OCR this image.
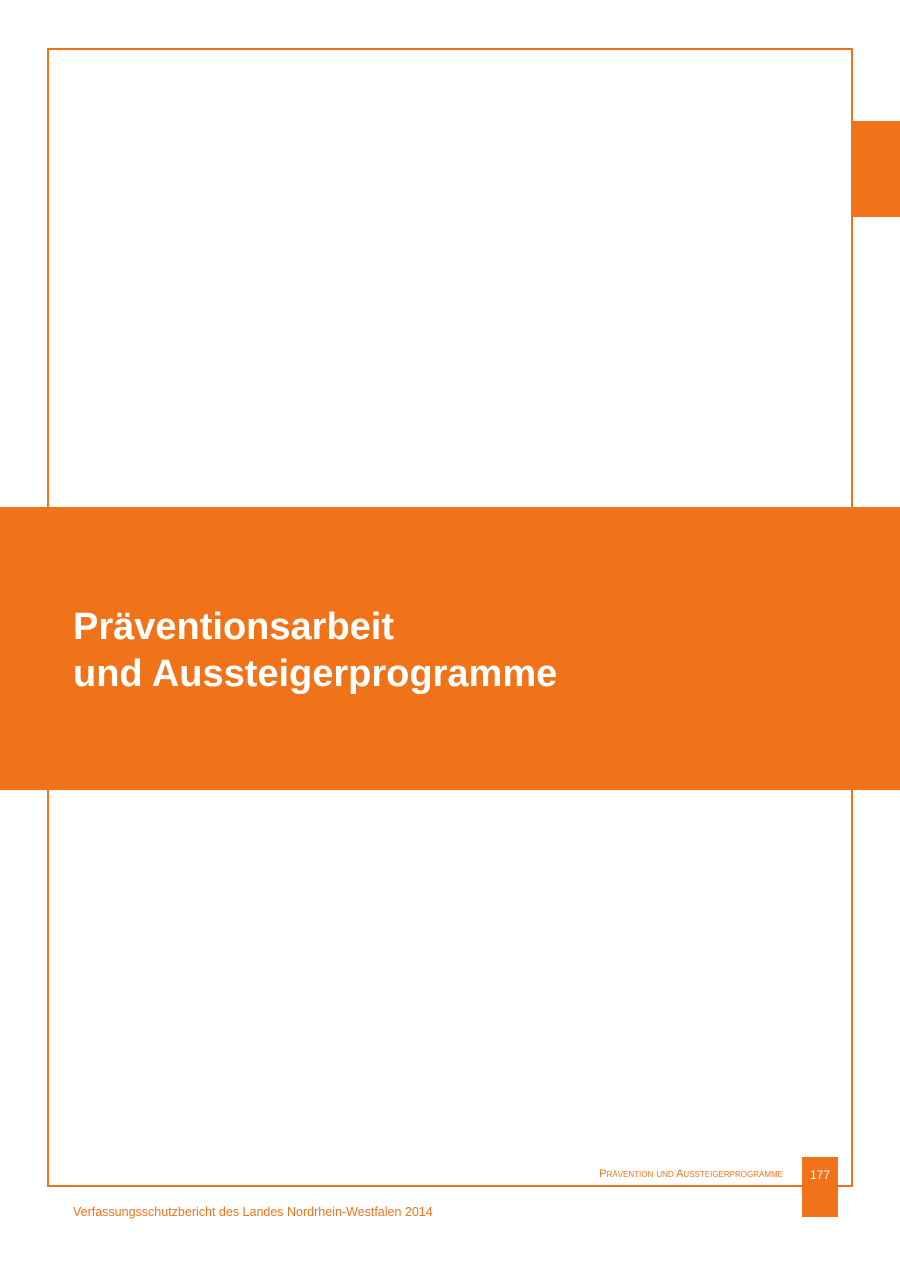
Präventionsarbeit
und Aussteigerprogramme
Prävention und Aussteigerprogramme	177
Verfassungsschutzbericht des Landes Nordrhein-Westfalen 2014
